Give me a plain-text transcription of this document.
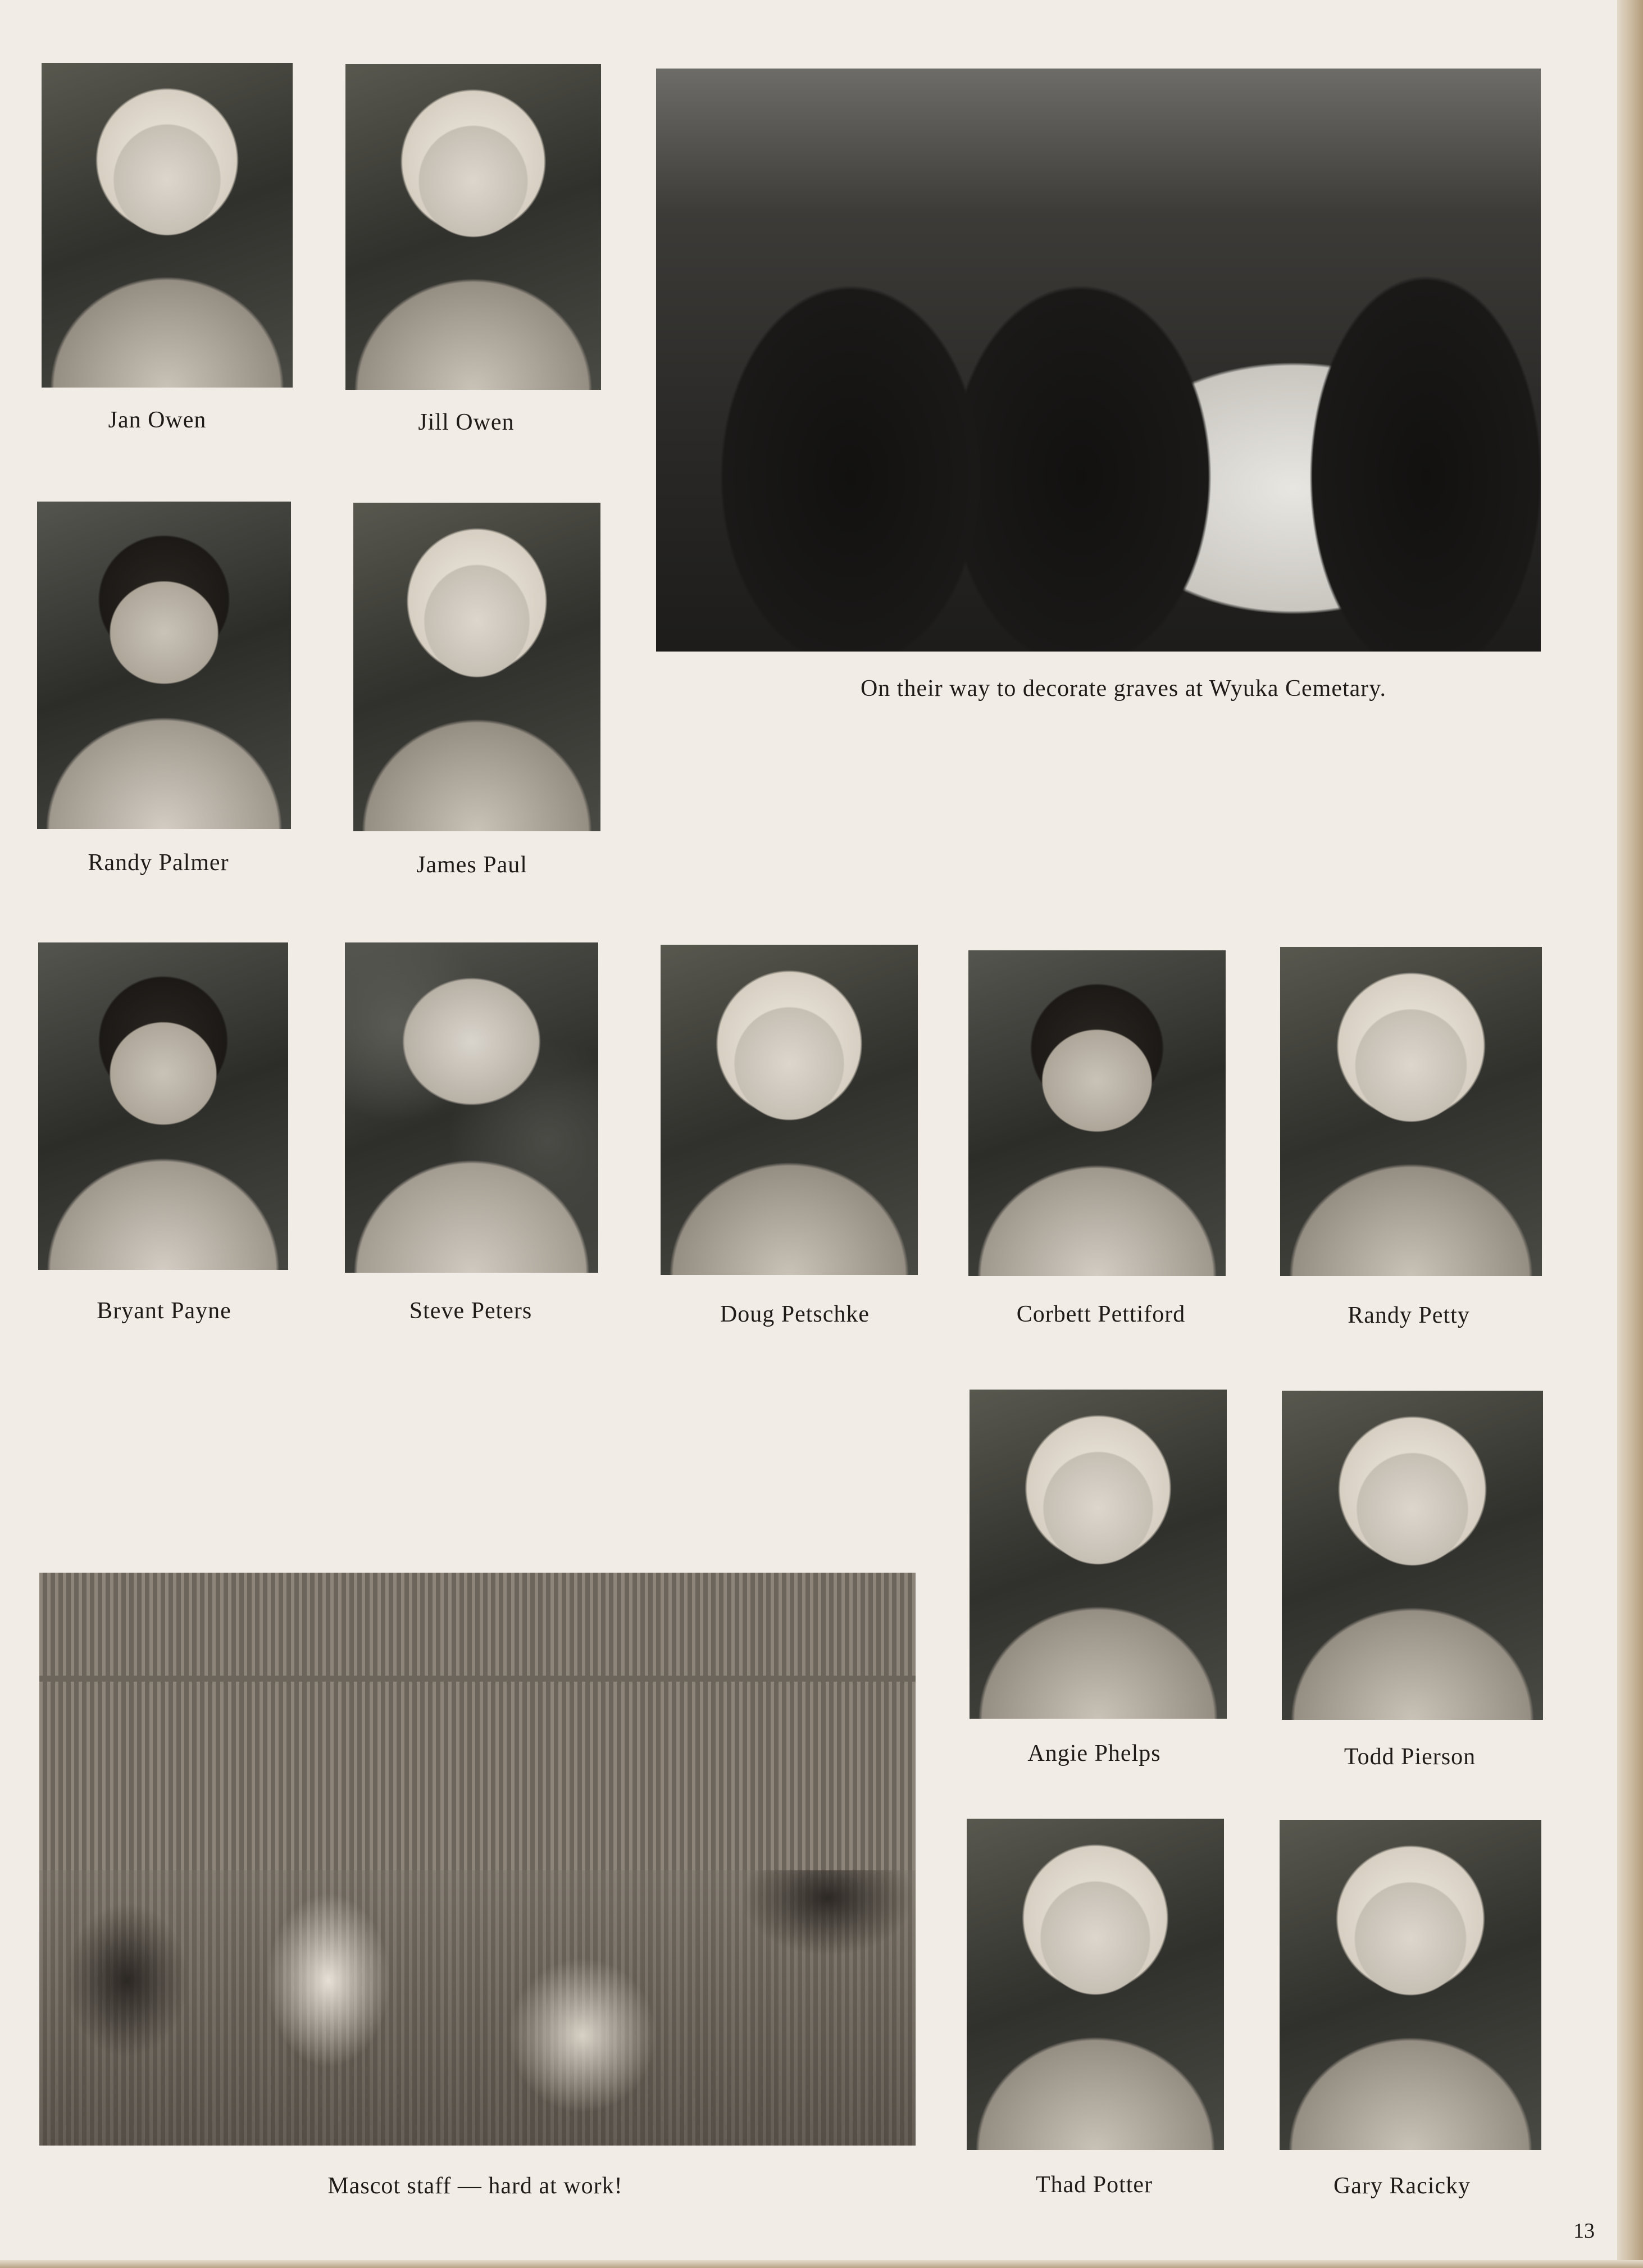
Jan Owen	Jill Owen
On their way to decorate graves at Wyuka Cemetary.
Randy Palmer	James Paul
Bryant Payne	Steve Peters	Doug Petschke	Corbett Pettiford	Randy Petty
Angie Phelps	Todd Pierson
Mascot staff — hard at work!	Thad Potter	Gary Racicky
13
